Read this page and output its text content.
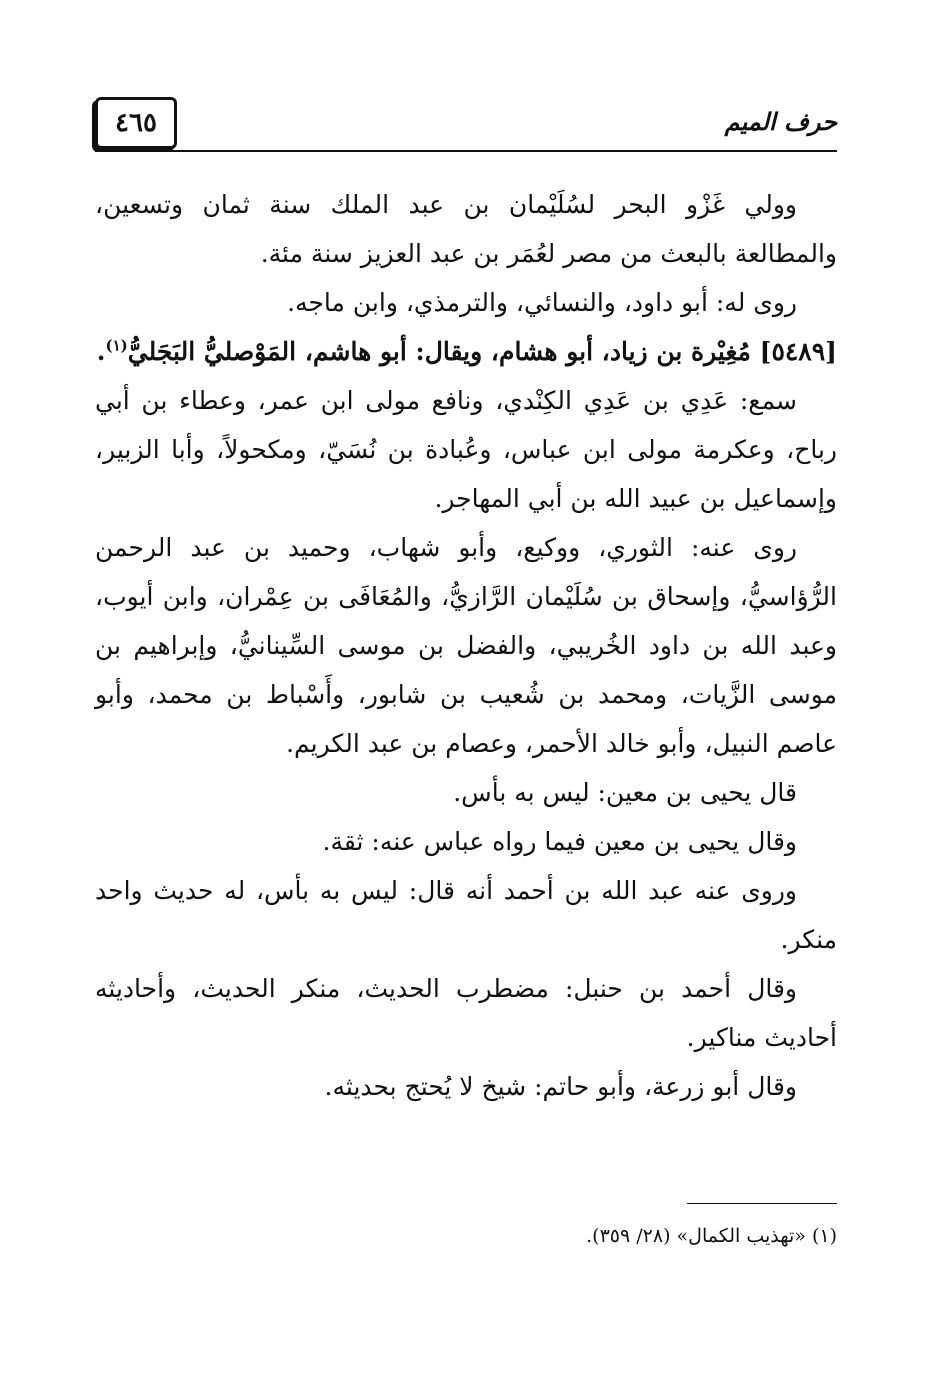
٤٦٥	حرف الميم

وولي غَزْو البحر لسُلَيْمان بن عبد الملك سنة ثمان وتسعين، والمطالعة بالبعث من مصر لعُمَر بن عبد العزيز سنة مئة.

روى له: أبو داود، والنسائي، والترمذي، وابن ماجه.

[٥٤٨٩] مُغِيْرة بن زياد، أبو هشام، ويقال: أبو هاشم، المَوْصليُّ البَجَليُّ$^{(١)}$.

سمع: عَدِي بن عَدِي الكِنْدي، ونافع مولى ابن عمر، وعطاء بن أبي رباح، وعكرمة مولى ابن عباس، وعُبادة بن نُسَيّ، ومكحولاً، وأبا الزبير، وإسماعيل بن عبيد الله بن أبي المهاجر.

روى عنه: الثوري، ووكيع، وأبو شهاب، وحميد بن عبد الرحمن الرُّؤاسيُّ، وإسحاق بن سُلَيْمان الرَّازيُّ، والمُعَافَى بن عِمْران، وابن أيوب، وعبد الله بن داود الخُريبي، والفضل بن موسى السِّينانيُّ، وإبراهيم بن موسى الزَّيات، ومحمد بن شُعيب بن شابور، وأَسْباط بن محمد، وأبو عاصم النبيل، وأبو خالد الأحمر، وعصام بن عبد الكريم.

قال يحيى بن معين: ليس به بأس.

وقال يحيى بن معين فيما رواه عباس عنه: ثقة.

وروى عنه عبد الله بن أحمد أنه قال: ليس به بأس، له حديث واحد منكر.

وقال أحمد بن حنبل: مضطرب الحديث، منكر الحديث، وأحاديثه أحاديث مناكير.

وقال أبو زرعة، وأبو حاتم: شيخ لا يُحتج بحديثه.

(١) «تهذيب الكمال» (٢٨/ ٣٥٩).
